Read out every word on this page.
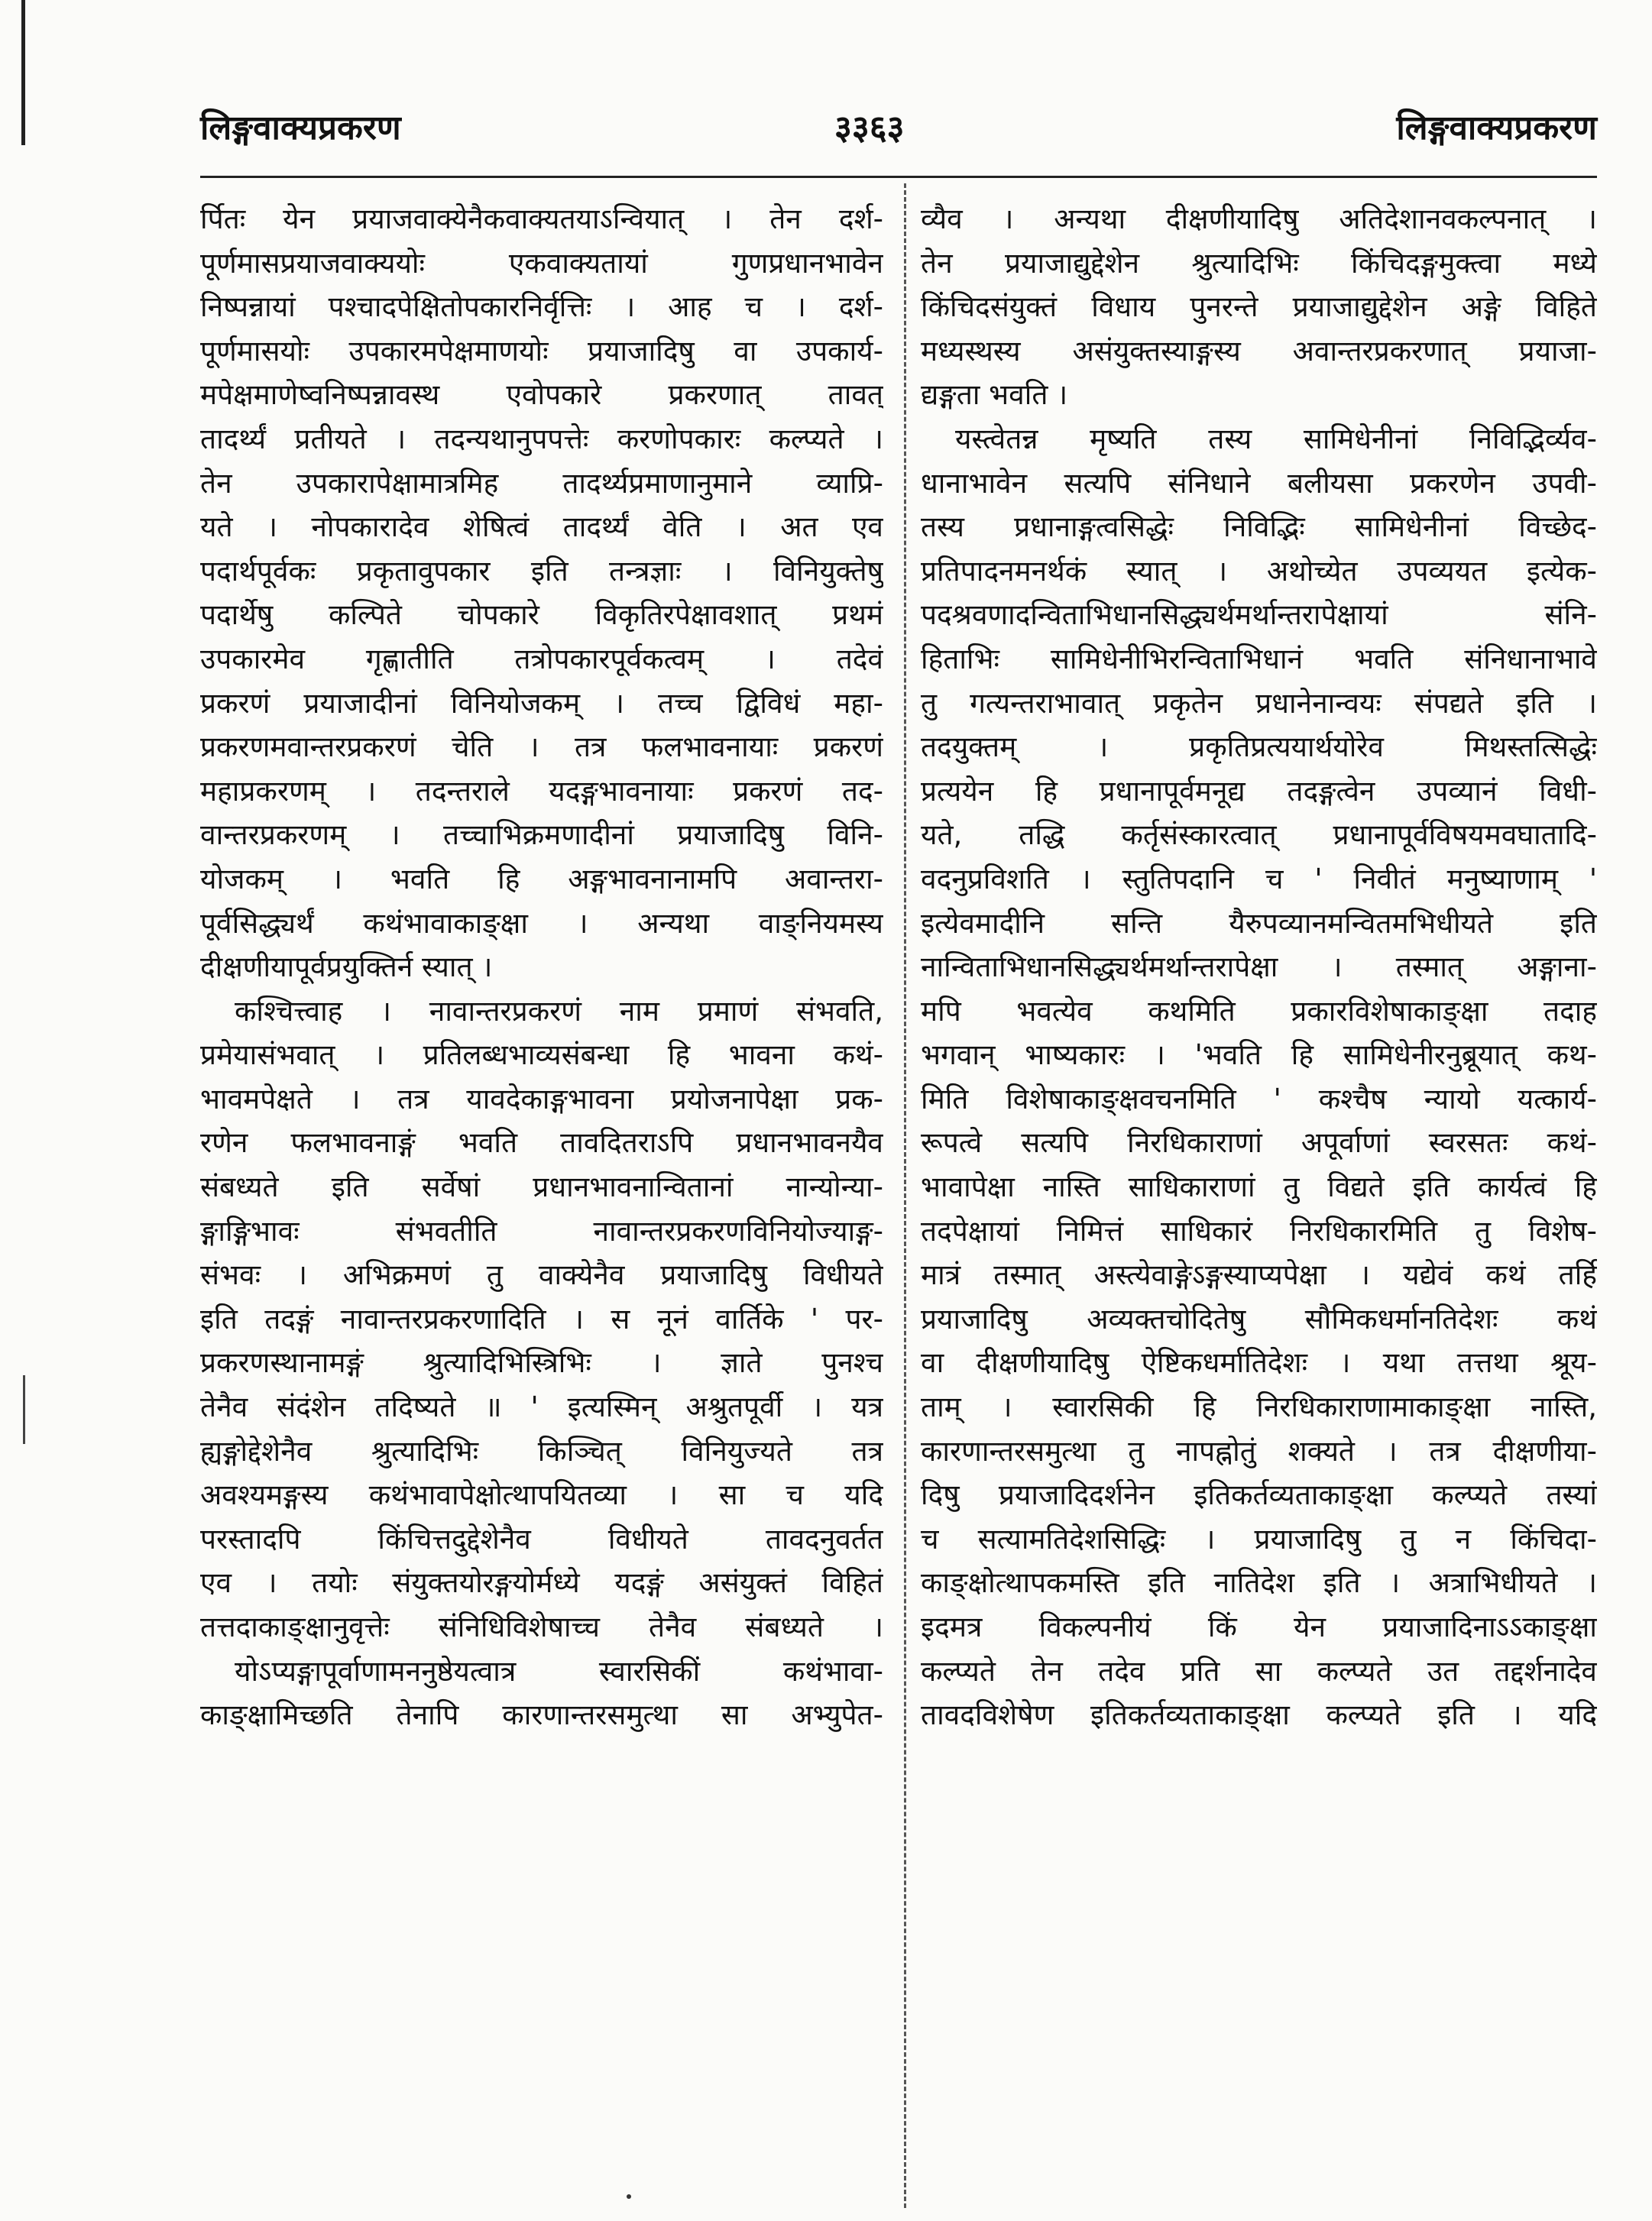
लिङ्गवाक्यप्रकरण	३३६३	लिङ्गवाक्यप्रकरण
र्पितः येन प्रयाजवाक्येनैकवाक्यतयाऽन्वियात् । तेन दर्श-
पूर्णमासप्रयाजवाक्ययोः एकवाक्यतायां गुणप्रधानभावेन
निष्पन्नायां पश्चादपेक्षितोपकारनिर्वृत्तिः । आह च । दर्श-
पूर्णमासयोः उपकारमपेक्षमाणयोः प्रयाजादिषु वा उपकार्य-
मपेक्षमाणेष्वनिष्पन्नावस्थ एवोपकारे प्रकरणात् तावत्
तादर्थ्यं प्रतीयते । तदन्यथानुपपत्तेः करणोपकारः कल्प्यते ।
तेन उपकारापेक्षामात्रमिह तादर्थ्यप्रमाणानुमाने व्याप्रि-
यते । नोपकारादेव शेषित्वं तादर्थ्यं वेति । अत एव
पदार्थपूर्वकः प्रकृतावुपकार इति तन्त्रज्ञाः । विनियुक्तेषु
पदार्थेषु कल्पिते चोपकारे विकृतिरपेक्षावशात् प्रथमं
उपकारमेव गृह्णातीति तत्रोपकारपूर्वकत्वम् । तदेवं
प्रकरणं प्रयाजादीनां विनियोजकम् । तच्च द्विविधं महा-
प्रकरणमवान्तरप्रकरणं चेति । तत्र फलभावनायाः प्रकरणं
महाप्रकरणम् । तदन्तराले यदङ्गभावनायाः प्रकरणं तद-
वान्तरप्रकरणम् । तच्चाभिक्रमणादीनां प्रयाजादिषु विनि-
योजकम् । भवति हि अङ्गभावनानामपि अवान्तरा-
पूर्वसिद्ध्यर्थं कथंभावाकाङ्क्षा । अन्यथा वाङ्नियमस्य
दीक्षणीयापूर्वप्रयुक्तिर्न स्यात् ।
कश्चित्त्वाह । नावान्तरप्रकरणं नाम प्रमाणं संभवति,
प्रमेयासंभवात् । प्रतिलब्धभाव्यसंबन्धा हि भावना कथं-
भावमपेक्षते । तत्र यावदेकाङ्गभावना प्रयोजनापेक्षा प्रक-
रणेन फलभावनाङ्गं भवति तावदितराऽपि प्रधानभावनयैव
संबध्यते इति सर्वेषां प्रधानभावनान्वितानां नान्योन्या-
ङ्गाङ्गिभावः संभवतीति नावान्तरप्रकरणविनियोज्याङ्ग-
संभवः । अभिक्रमणं तु वाक्येनैव प्रयाजादिषु विधीयते
इति तदङ्गं नावान्तरप्रकरणादिति । स नूनं वार्तिके ' पर-
प्रकरणस्थानामङ्गं श्रुत्यादिभिस्त्रिभिः । ज्ञाते पुनश्च
तेनैव संदंशेन तदिष्यते ॥ ' इत्यस्मिन् अश्रुतपूर्वी । यत्र
ह्यङ्गोद्देशेनैव श्रुत्यादिभिः किञ्चित् विनियुज्यते तत्र
अवश्यमङ्गस्य कथंभावापेक्षोत्थापयितव्या । सा च यदि
परस्तादपि किंचित्तदुद्देशेनैव विधीयते तावदनुवर्तत
एव । तयोः संयुक्तयोरङ्गयोर्मध्ये यदङ्गं असंयुक्तं विहितं
तत्तदाकाङ्क्षानुवृत्तेः संनिधिविशेषाच्च तेनैव संबध्यते ।
योऽप्यङ्गापूर्वाणामननुष्ठेयत्वात्र स्वारसिकीं कथंभावा-
काङ्क्षामिच्छति तेनापि कारणान्तरसमुत्था सा अभ्युपेत-
व्यैव । अन्यथा दीक्षणीयादिषु अतिदेशानवकल्पनात् ।
तेन प्रयाजाद्युद्देशेन श्रुत्यादिभिः किंचिदङ्गमुक्त्वा मध्ये
किंचिदसंयुक्तं विधाय पुनरन्ते प्रयाजाद्युद्देशेन अङ्गे विहिते
मध्यस्थस्य असंयुक्तस्याङ्गस्य अवान्तरप्रकरणात् प्रयाजा-
द्यङ्गता भवति ।
यस्त्वेतन्न मृष्यति तस्य सामिधेनीनां निविद्भिर्व्यव-
धानाभावेन सत्यपि संनिधाने बलीयसा प्रकरणेन उपवी-
तस्य प्रधानाङ्गत्वसिद्धेः निविद्भिः सामिधेनीनां विच्छेद-
प्रतिपादनमनर्थकं स्यात् । अथोच्येत उपव्ययत इत्येक-
पदश्रवणादन्विताभिधानसिद्ध्यर्थमर्थान्तरापेक्षायां संनि-
हिताभिः सामिधेनीभिरन्विताभिधानं भवति संनिधानाभावे
तु गत्यन्तराभावात् प्रकृतेन प्रधानेनान्वयः संपद्यते इति ।
तदयुक्तम् । प्रकृतिप्रत्ययार्थयोरेव मिथस्तत्सिद्धेः
प्रत्ययेन हि प्रधानापूर्वमनूद्य तदङ्गत्वेन उपव्यानं विधी-
यते, तद्धि कर्तृसंस्कारत्वात् प्रधानापूर्वविषयमवघातादि-
वदनुप्रविशति । स्तुतिपदानि च ' निवीतं मनुष्याणाम् '
इत्येवमादीनि सन्ति यैरुपव्यानमन्वितमभिधीयते इति
नान्विताभिधानसिद्ध्यर्थमर्थान्तरापेक्षा । तस्मात् अङ्गाना-
मपि भवत्येव कथमिति प्रकारविशेषाकाङ्क्षा तदाह
भगवान् भाष्यकारः । 'भवति हि सामिधेनीरनुब्रूयात् कथ-
मिति विशेषाकाङ्क्षवचनमिति ' कश्चैष न्यायो यत्कार्य-
रूपत्वे सत्यपि निरधिकाराणां अपूर्वाणां स्वरसतः कथं-
भावापेक्षा नास्ति साधिकाराणां तु विद्यते इति कार्यत्वं हि
तदपेक्षायां निमित्तं साधिकारं निरधिकारमिति तु विशेष-
मात्रं तस्मात् अस्त्येवाङ्गेऽङ्गस्याप्यपेक्षा । यद्येवं कथं तर्हि
प्रयाजादिषु अव्यक्तचोदितेषु सौमिकधर्मानतिदेशः कथं
वा दीक्षणीयादिषु ऐष्टिकधर्मातिदेशः । यथा तत्तथा श्रूय-
ताम् । स्वारसिकी हि निरधिकाराणामाकाङ्क्षा नास्ति,
कारणान्तरसमुत्था तु नापह्नोतुं शक्यते । तत्र दीक्षणीया-
दिषु प्रयाजादिदर्शनेन इतिकर्तव्यताकाङ्क्षा कल्प्यते तस्यां
च सत्यामतिदेशसिद्धिः । प्रयाजादिषु तु न किंचिदा-
काङ्क्षोत्थापकमस्ति इति नातिदेश इति । अत्राभिधीयते ।
इदमत्र विकल्पनीयं किं येन प्रयाजादिनाऽऽकाङ्क्षा
कल्प्यते तेन तदेव प्रति सा कल्प्यते उत तद्दर्शनादेव
तावदविशेषेण इतिकर्तव्यताकाङ्क्षा कल्प्यते इति । यदि
